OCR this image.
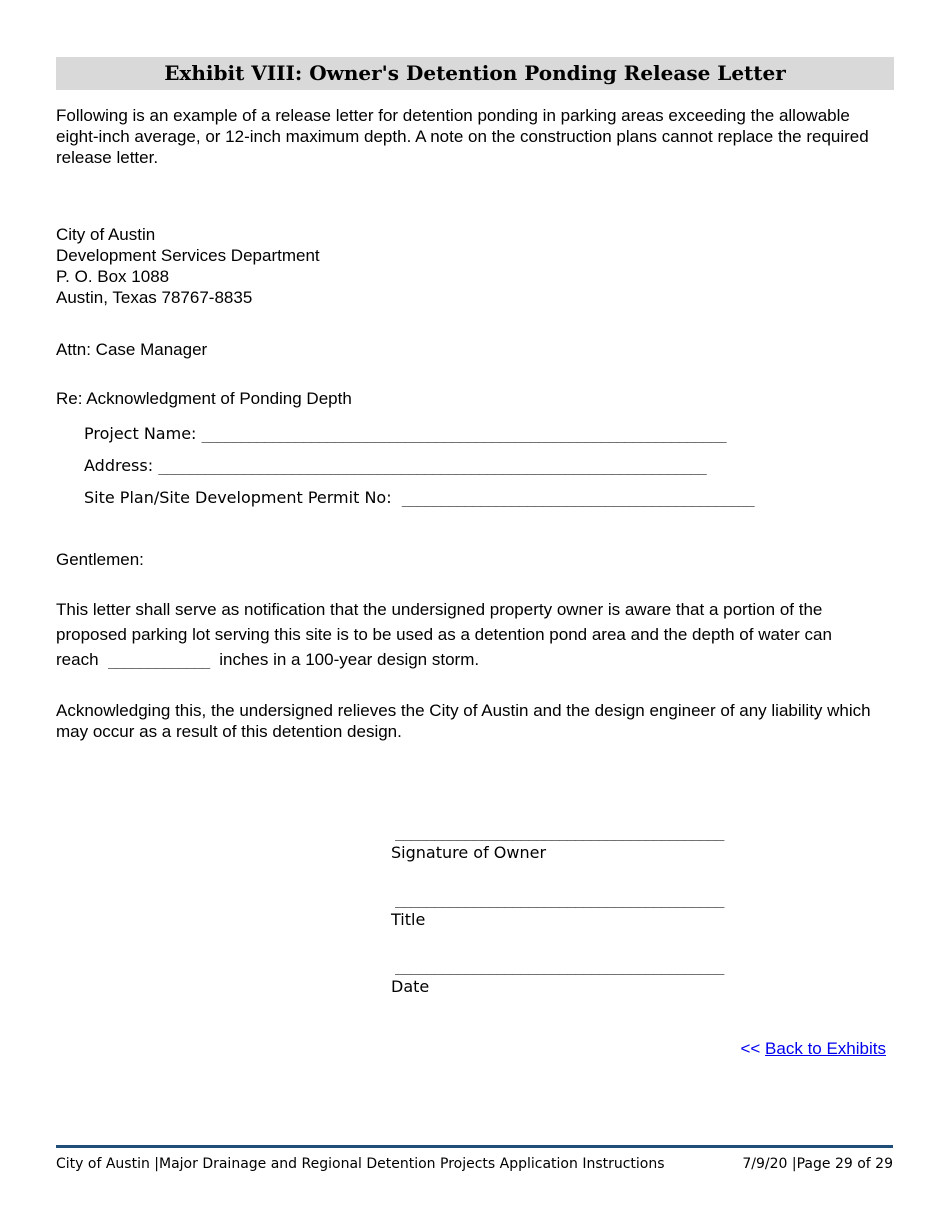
Exhibit VIII: Owner's Detention Ponding Release Letter
Following is an example of a release letter for detention ponding in parking areas exceeding the allowable eight-inch average, or 12-inch maximum depth. A note on the construction plans cannot replace the required release letter.
City of Austin
Development Services Department
P. O. Box 1088
Austin, Texas 78767-8835
Attn: Case Manager
Re: Acknowledgment of Ponding Depth
Project Name: ___________________________________________________________________
Address: ______________________________________________________________________
Site Plan/Site Development Permit No: _____________________________________________
Gentlemen:
This letter shall serve as notification that the undersigned property owner is aware that a portion of the proposed parking lot serving this site is to be used as a detention pond area and the depth of water can reach _____________ inches in a 100-year design storm.
Acknowledging this, the undersigned relieves the City of Austin and the design engineer of any liability which may occur as a result of this detention design.
__________________________________________
Signature of Owner
__________________________________________
Title
__________________________________________
Date
<< Back to Exhibits
City of Austin |Major Drainage and Regional Detention Projects Application Instructions	7/9/20 |Page 29 of 29
